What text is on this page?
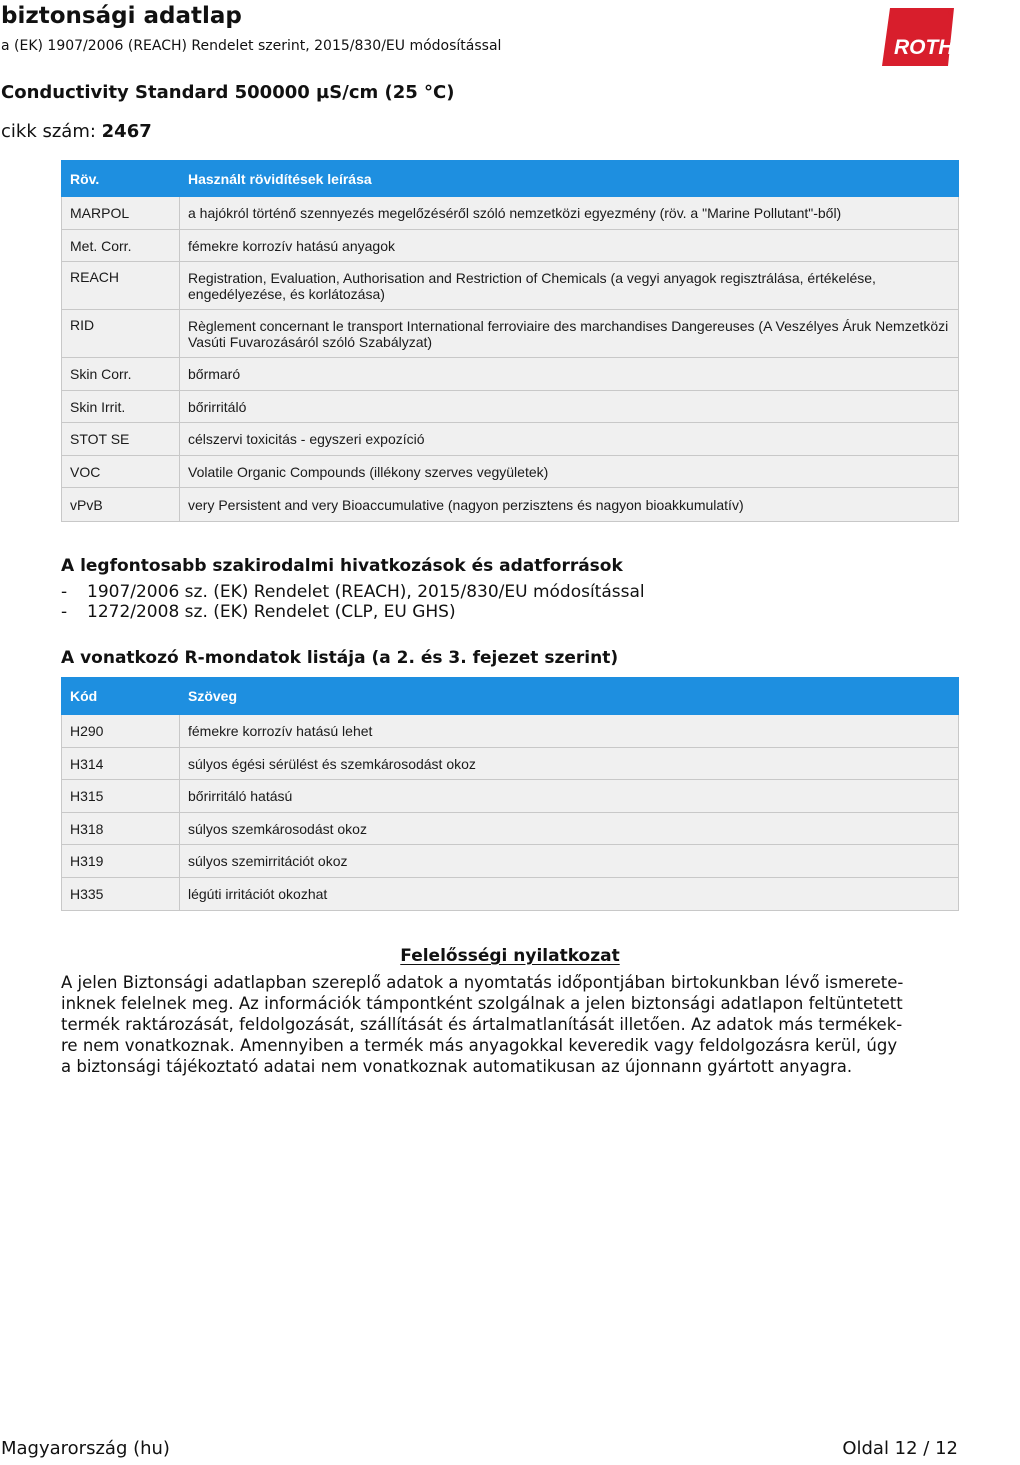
biztonsági adatlap
a (EK) 1907/2006 (REACH) Rendelet szerint, 2015/830/EU módosítással
Conductivity Standard 500000 µS/cm (25 °C)
cikk szám: 2467
CARL ROTH
®
Röv.	Használt rövidítések leírása
MARPOL	a hajókról történő szennyezés megelőzéséről szóló nemzetközi egyezmény (röv. a "Marine Pollutant"-ből)
Met. Corr.	fémekre korrozív hatású anyagok
REACH	Registration, Evaluation, Authorisation and Restriction of Chemicals (a vegyi anyagok regisztrálása, értékelése, engedélyezése, és korlátozása)
RID	Règlement concernant le transport International ferroviaire des marchandises Dangereuses (A Veszélyes Áruk Nemzetközi Vasúti Fuvarozásáról szóló Szabályzat)
Skin Corr.	bőrmaró
Skin Irrit.	bőrirritáló
STOT SE	célszervi toxicitás - egyszeri expozíció
VOC	Volatile Organic Compounds (illékony szerves vegyületek)
vPvB	very Persistent and very Bioaccumulative (nagyon perzisztens és nagyon bioakkumulatív)
A legfontosabb szakirodalmi hivatkozások és adatforrások
- 1907/2006 sz. (EK) Rendelet (REACH), 2015/830/EU módosítással
- 1272/2008 sz. (EK) Rendelet (CLP, EU GHS)
A vonatkozó R-mondatok listája (a 2. és 3. fejezet szerint)
Kód	Szöveg
H290	fémekre korrozív hatású lehet
H314	súlyos égési sérülést és szemkárosodást okoz
H315	bőrirritáló hatású
H318	súlyos szemkárosodást okoz
H319	súlyos szemirritációt okoz
H335	légúti irritációt okozhat
Felelősségi nyilatkozat
A jelen Biztonsági adatlapban szereplő adatok a nyomtatás időpontjában birtokunkban lévő ismerete-
inknek felelnek meg. Az információk támpontként szolgálnak a jelen biztonsági adatlapon feltüntetett
termék raktározását, feldolgozását, szállítását és ártalmatlanítását illetően. Az adatok más termékek-
re nem vonatkoznak. Amennyiben a termék más anyagokkal keveredik vagy feldolgozásra kerül, úgy
a biztonsági tájékoztató adatai nem vonatkoznak automatikusan az újonnann gyártott anyagra.
Magyarország (hu)	Oldal 12 / 12
